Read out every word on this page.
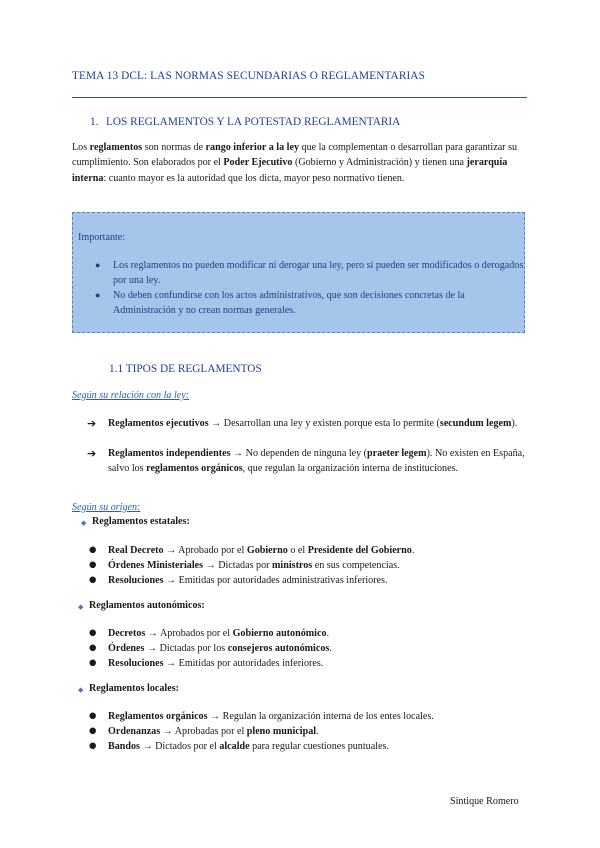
TEMA 13 DCL: LAS NORMAS SECUNDARIAS O REGLAMENTARIAS
1. LOS REGLAMENTOS Y LA POTESTAD REGLAMENTARIA
Los reglamentos son normas de rango inferior a la ley que la complementan o desarrollan para garantizar su cumplimiento. Son elaborados por el Poder Ejecutivo (Gobierno y Administración) y tienen una jerarquía interna: cuanto mayor es la autoridad que los dicta, mayor peso normativo tienen.
Importante:
● Los reglamentos no pueden modificar ni derogar una ley, pero sí pueden ser modificados o derogados por una ley.
● No deben confundirse con los actos administrativos, que son decisiones concretas de la Administración y no crean normas generales.
1.1 TIPOS DE REGLAMENTOS
Según su relación con la ley:
➔ Reglamentos ejecutivos → Desarrollan una ley y existen porque esta lo permite (secundum legem).
➔ Reglamentos independientes → No dependen de ninguna ley (praeter legem). No existen en España, salvo los reglamentos orgánicos, que regulan la organización interna de instituciones.
Según su origen:
◆ Reglamentos estatales:
● Real Decreto → Aprobado por el Gobierno o el Presidente del Gobierno.
● Órdenes Ministeriales → Dictadas por ministros en sus competencias.
● Resoluciones → Emitidas por autoridades administrativas inferiores.
◆ Reglamentos autonómicos:
● Decretos → Aprobados por el Gobierno autonómico.
● Órdenes → Dictadas por los consejeros autonómicos.
● Resoluciones → Emitidas por autoridades inferiores.
◆ Reglamentos locales:
● Reglamentos orgánicos → Regulan la organización interna de los entes locales.
● Ordenanzas → Aprobadas por el pleno municipal.
● Bandos → Dictados por el alcalde para regular cuestiones puntuales.
Sintique Romero
